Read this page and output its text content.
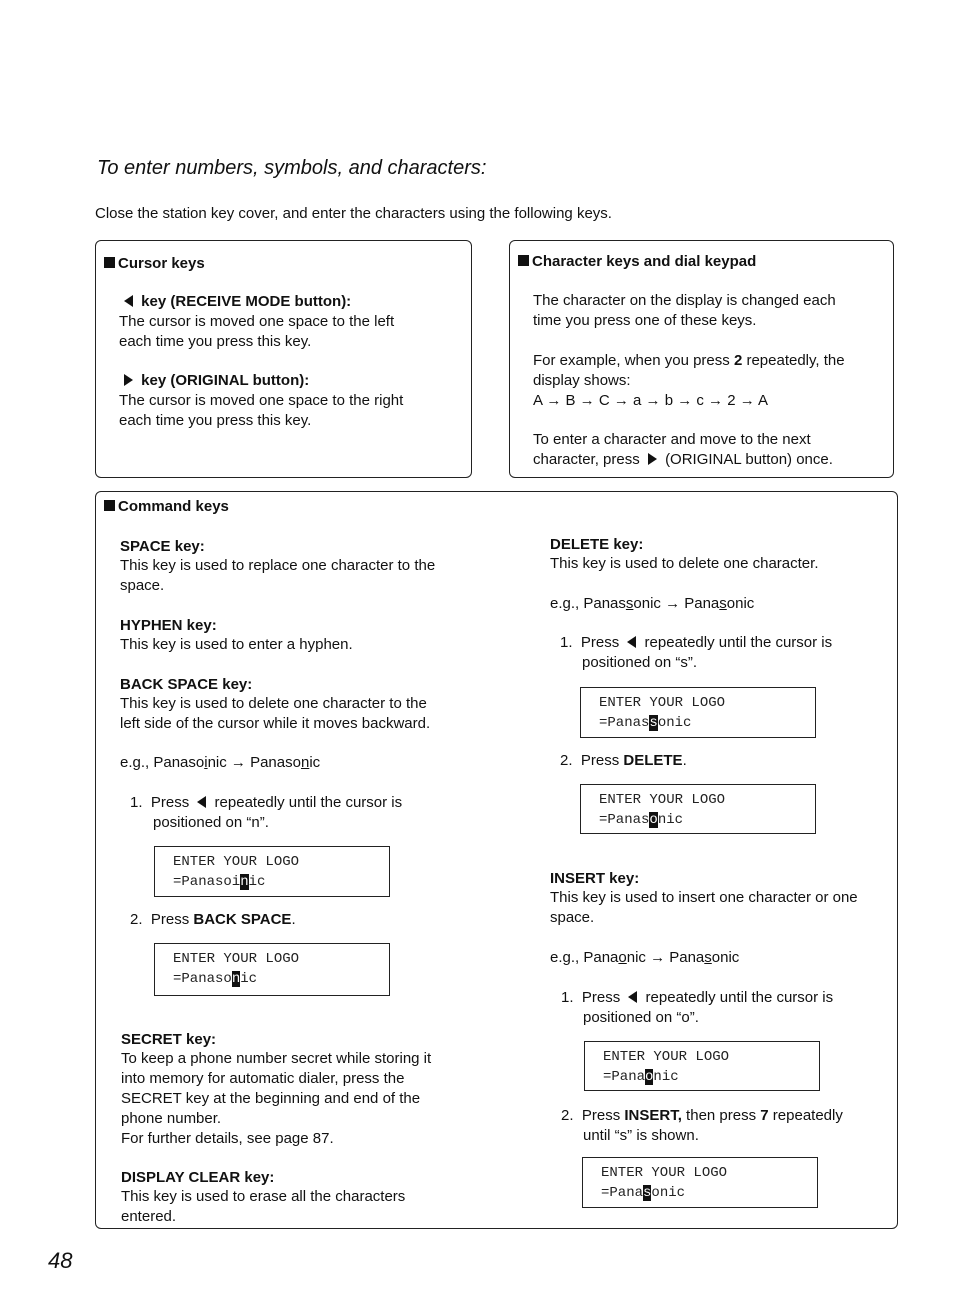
To enter numbers, symbols, and characters:
Close the station key cover, and enter the characters using the following keys.
Cursor keys
key (RECEIVE MODE button):
The cursor is moved one space to the left
each time you press this key.
key (ORIGINAL button):
The cursor is moved one space to the right
each time you press this key.
Character keys and dial keypad
The character on the display is changed each
time you press one of these keys.
For example, when you press 2 repeatedly, the
display shows:
A → B → C → a → b → c → 2 → A
To enter a character and move to the next
character, press (ORIGINAL button) once.
Command keys
SPACE key:
This key is used to replace one character to the
space.
HYPHEN key:
This key is used to enter a hyphen.
BACK SPACE key:
This key is used to delete one character to the
left side of the cursor while it moves backward.
e.g., Panasoinic → Panasonic
1. Press repeatedly until the cursor is
positioned on “n”.
ENTER YOUR LOGO
=Panasoinic
2. Press BACK SPACE.
ENTER YOUR LOGO
=Panasonic
SECRET key:
To keep a phone number secret while storing it
into memory for automatic dialer, press the
SECRET key at the beginning and end of the
phone number.
For further details, see page 87.
DISPLAY CLEAR key:
This key is used to erase all the characters
entered.
DELETE key:
This key is used to delete one character.
e.g., Panassonic → Panasonic
1. Press repeatedly until the cursor is
positioned on “s”.
ENTER YOUR LOGO
=Panassonic
2. Press DELETE.
ENTER YOUR LOGO
=Panasonic
INSERT key:
This key is used to insert one character or one
space.
e.g., Panaonic → Panasonic
1. Press repeatedly until the cursor is
positioned on “o”.
ENTER YOUR LOGO
=Panaonic
2. Press INSERT, then press 7 repeatedly
until “s” is shown.
ENTER YOUR LOGO
=Panasonic
48
